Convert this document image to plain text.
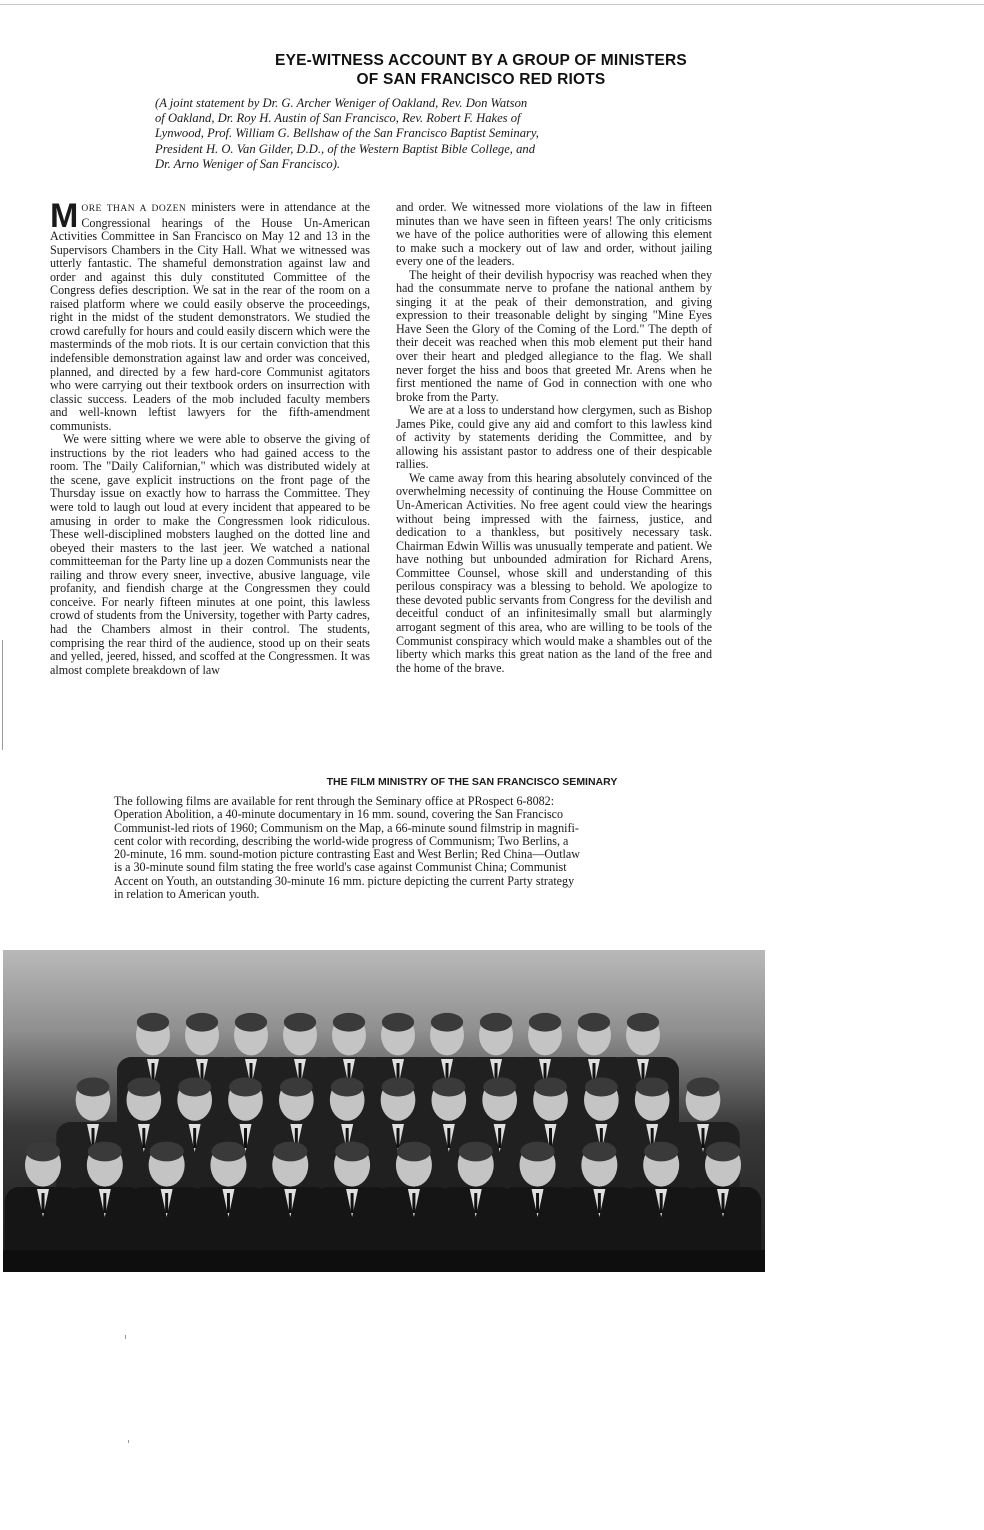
EYE-WITNESS ACCOUNT BY A GROUP OF MINISTERS
OF SAN FRANCISCO RED RIOTS

(A joint statement by Dr. G. Archer Weniger of Oakland, Rev. Don Watson

of Oakland, Dr. Roy H. Austin of San Francisco, Rev. Robert F. Hakes of

Lynwood, Prof. William G. Bellshaw of the San Francisco Baptist Seminary,

President H. O. Van Gilder, D.D., of the Western Baptist Bible College, and

Dr. Arno Weniger of San Francisco).

MORE THAN A DOZEN ministers were in attendance at the Congressional hearings of the House Un-American Activities Committee in San Francisco on May 12 and 13 in the Supervisors Chambers in the City Hall. What we witnessed was utterly fantastic. The shameful demonstration against law and order and against this duly constituted Committee of the Congress defies description. We sat in the rear of the room on a raised platform where we could easily observe the proceedings, right in the midst of the student demonstrators. We studied the crowd carefully for hours and could easily discern which were the masterminds of the mob riots. It is our certain conviction that this indefensible demonstration against law and order was conceived, planned, and directed by a few hard-core Communist agitators who were carrying out their textbook orders on insurrection with classic success. Leaders of the mob included faculty members and well-known leftist lawyers for the fifth-amendment communists.

We were sitting where we were able to observe the giving of instructions by the riot leaders who had gained access to the room. The "Daily Californian," which was distributed widely at the scene, gave explicit instructions on the front page of the Thursday issue on exactly how to harrass the Committee. They were told to laugh out loud at every incident that appeared to be amusing in order to make the Congressmen look ridiculous. These well-disciplined mobsters laughed on the dotted line and obeyed their masters to the last jeer. We watched a national committeeman for the Party line up a dozen Communists near the railing and throw every sneer, invective, abusive language, vile profanity, and fiendish charge at the Congressmen they could conceive. For nearly fifteen minutes at one point, this lawless crowd of students from the University, together with Party cadres, had the Chambers almost in their control. The students, comprising the rear third of the audience, stood up on their seats and yelled, jeered, hissed, and scoffed at the Congressmen. It was almost complete breakdown of law

and order. We witnessed more violations of the law in fifteen minutes than we have seen in fifteen years! The only criticisms we have of the police authorities were of allowing this element to make such a mockery out of law and order, without jailing every one of the leaders.

The height of their devilish hypocrisy was reached when they had the consummate nerve to profane the national anthem by singing it at the peak of their demonstration, and giving expression to their treasonable delight by singing "Mine Eyes Have Seen the Glory of the Coming of the Lord." The depth of their deceit was reached when this mob element put their hand over their heart and pledged allegiance to the flag. We shall never forget the hiss and boos that greeted Mr. Arens when he first mentioned the name of God in connection with one who broke from the Party.

We are at a loss to understand how clergymen, such as Bishop James Pike, could give any aid and comfort to this lawless kind of activity by statements deriding the Committee, and by allowing his assistant pastor to address one of their despicable rallies.

We came away from this hearing absolutely convinced of the overwhelming necessity of continuing the House Committee on Un-American Activities. No free agent could view the hearings without being impressed with the fairness, justice, and dedication to a thankless, but positively necessary task. Chairman Edwin Willis was unusually temperate and patient. We have nothing but unbounded admiration for Richard Arens, Committee Counsel, whose skill and understanding of this perilous conspiracy was a blessing to behold. We apologize to these devoted public servants from Congress for the devilish and deceitful conduct of an infinitesimally small but alarmingly arrogant segment of this area, who are willing to be tools of the Communist conspiracy which would make a shambles out of the liberty which marks this great nation as the land of the free and the home of the brave.

THE FILM MINISTRY OF THE SAN FRANCISCO SEMINARY

The following films are available for rent through the Seminary office at PRospect 6-8082:

Operation Abolition, a 40-minute documentary in 16 mm. sound, covering the San Francisco

Communist-led riots of 1960; Communism on the Map, a 66-minute sound filmstrip in magnifi-

cent color with recording, describing the world-wide progress of Communism; Two Berlins, a

20-minute, 16 mm. sound-motion picture contrasting East and West Berlin; Red China—Outlaw

is a 30-minute sound film stating the free world's case against Communist China; Communist

Accent on Youth, an outstanding 30-minute 16 mm. picture depicting the current Party strategy

in relation to American youth.
